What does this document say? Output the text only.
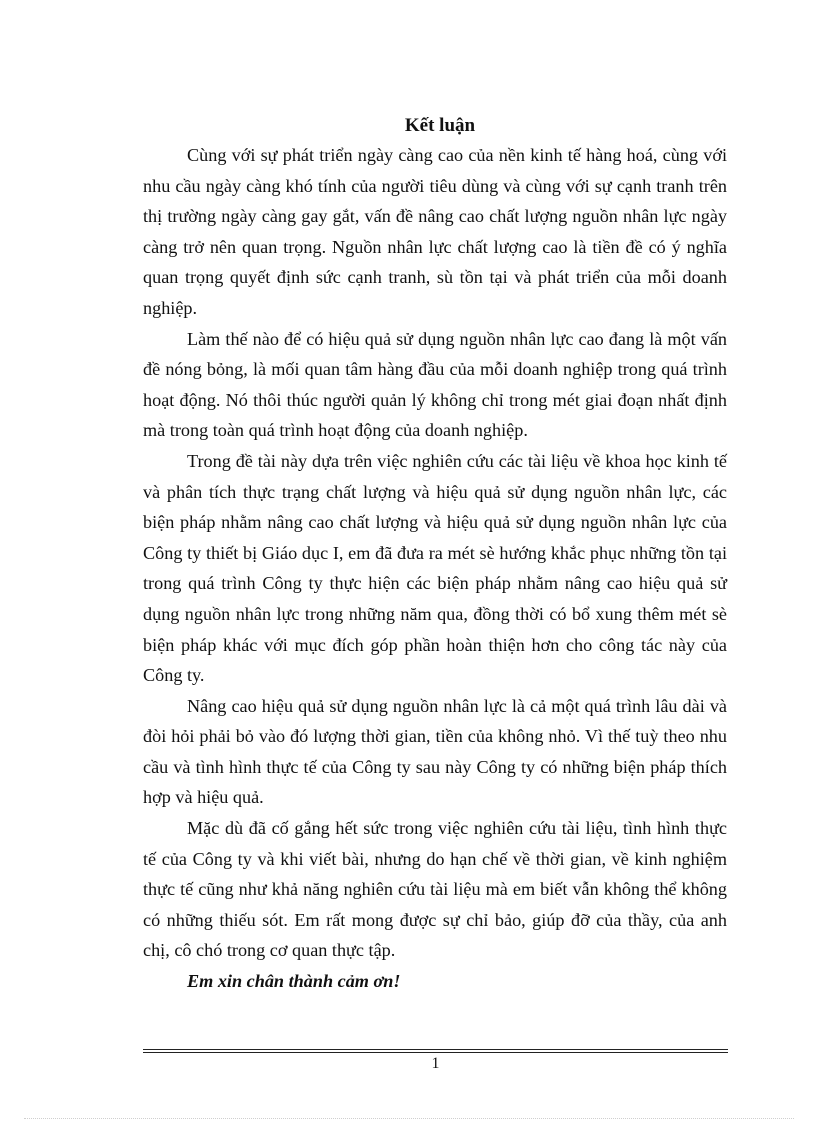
Kết luận

Cùng với sự phát triển ngày càng cao của nền kinh tế hàng hoá, cùng với nhu cầu ngày càng khó tính của người tiêu dùng và cùng với sự cạnh tranh trên thị trường ngày càng gay gắt, vấn đề nâng cao chất lượng nguồn nhân lực ngày càng trở nên quan trọng. Nguồn nhân lực chất lượng cao là tiền đề có ý nghĩa quan trọng quyết định sức cạnh tranh, sù tồn tại và phát triển của mỗi doanh nghiệp.

Làm thế nào để có hiệu quả sử dụng nguồn nhân lực cao đang là một vấn đề nóng bỏng, là mối quan tâm hàng đầu của mỗi doanh nghiệp trong quá trình hoạt động. Nó thôi thúc người quản lý không chỉ trong mét giai đoạn nhất định mà trong toàn quá trình hoạt động của doanh nghiệp.

Trong đề tài này dựa trên việc nghiên cứu các tài liệu về khoa học kinh tế và phân tích thực trạng chất lượng và hiệu quả sử dụng nguồn nhân lực, các biện pháp nhằm nâng cao chất lượng và hiệu quả sử dụng nguồn nhân lực của Công ty thiết bị Giáo dục I, em đã đưa ra mét sè hướng khắc phục những tồn tại trong quá trình Công ty thực hiện các biện pháp nhằm nâng cao hiệu quả sử dụng nguồn nhân lực trong những năm qua, đồng thời có bổ xung thêm mét sè biện pháp khác với mục đích góp phần hoàn thiện hơn cho công tác này của Công ty.

Nâng cao hiệu quả sử dụng nguồn nhân lực là cả một quá trình lâu dài và đòi hỏi phải bỏ vào đó lượng thời gian, tiền của không nhỏ. Vì thế tuỳ theo nhu cầu và tình hình thực tế của Công ty sau này Công ty có những biện pháp thích hợp và hiệu quả.

Mặc dù đã cố gắng hết sức trong việc nghiên cứu tài liệu, tình hình thực tế của Công ty và khi viết bài, nhưng do hạn chế về thời gian, về kinh nghiệm thực tế cũng như khả năng nghiên cứu tài liệu mà em biết vẫn không thể không có những thiếu sót. Em rất mong được sự chỉ bảo, giúp đỡ của thầy, của anh chị, cô chó trong cơ quan thực tập.

Em xin chân thành cảm ơn!

1
